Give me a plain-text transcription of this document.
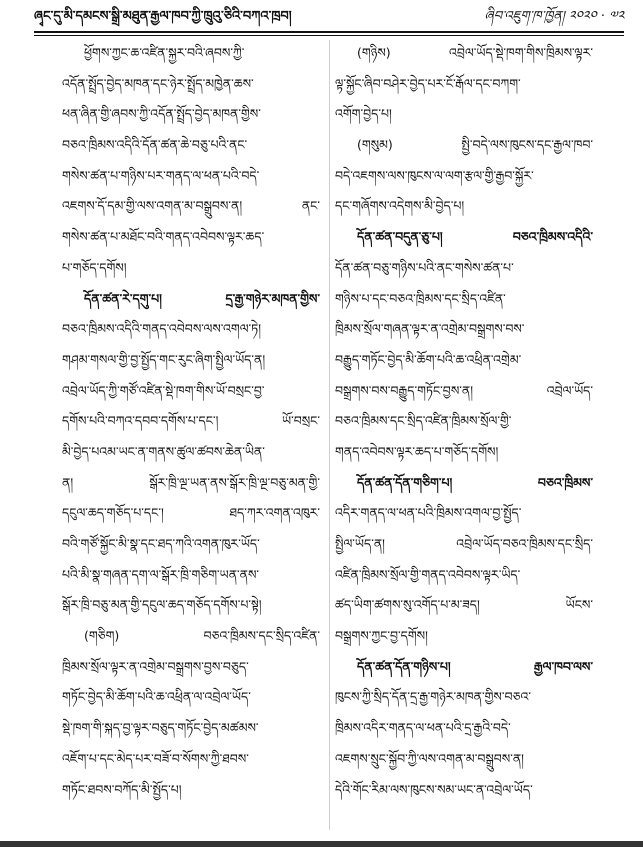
ཞྭང་དུ་མི་དམངས་སྒྲི་མཐུན་རྒྱལ་ཁབ་ཀྱི་ཁྲུའུ་ཅིའི་བཀའ་ཁྲབ།	ཞིབ་འཇུག་ཁ་ཁྱོན། ༢༠༢༠ · ༧༢
ཕྱོགས་ཀྱང་ཆ་འཛིན་སྐྱར་བའི་ཞབས་ཀྱི་
འདོན་སྤྲོད་བྱེད་མཁན་དང་ཉེར་སྤྲོད་མཁྱེན་ཆས་
ཕན་ཞིན་གྱི་ཞབས་ཀྱི་འདོན་སྤྲོད་བྱེད་མཁན་གྱིས་
བཅའ་ཁྲིམས་འདིའི་དོན་ཚན་ཆེ་བཅུ་པའི་ནང་
གསེས་ཚན་པ་གཉིས་པར་གནད་ལ་ཕན་པའི་བདེ་
འཇགས་དོ་དམ་གྱི་ལས་འགན་མ་བསྒྲུབས་ན། ནང་
གསེས་ཚན་པ་མཐོང་བའི་གནད་འབེབས་ལྟར་ཆད་
པ་གཅོད་དགོས།
དོན་ཚན་རེ་དགུ་པ། དྲ་རྒྱ་གཉེར་མཁན་གྱིས་
བཅའ་ཁྲིམས་འདིའི་གནད་འབེབས་ལས་འགལ་ཏེ།
གཤམ་གསལ་གྱི་བྱ་སྤྱོད་གང་རུང་ཞིག་སྤྱིལ་ཡོད་ན།
འབྲེལ་ཡོད་ཀྱི་གཙོ་འཛིན་སྡེ་ཁག་གིས་ཡོ་བསྲང་བྱ་
དགོས་པའི་བཀའ་དབབ་དགོས་པ་དང་། ཡོ་བསྲང་
མི་བྱེད་པའམ་ཡང་ན་གནས་ཚུལ་ཚབས་ཆེན་ཡིན་
ན། སྒོར་ཁྲི་ལྔ་ཡན་ནས་སྒོར་ཁྲི་ལྔ་བཅུ་མན་གྱི་
དངུལ་ཆད་གཅོད་པ་དང་། ཐད་ཀར་འགན་འཁུར་
བའི་གཙོ་སྐྱོང་མི་སྣ་དང་ཐད་ཀའི་འགན་ཁུར་ཡོད་
པའི་མི་སྣ་གཞན་དག་ལ་སྒོར་ཁྲི་གཅིག་ཡན་ནས་
སྒོར་ཁྲི་བཅུ་མན་གྱི་དངུལ་ཆད་གཅོད་དགོས་པ་སྟེ།
(གཅིག) བཅའ་ཁྲིམས་དང་སྲིད་འཛིན་
ཁྲིམས་སྲོལ་ལྟར་ན་འགྲེམ་བསྒྲགས་བྱས་བཅུད་
གཏོང་བྱེད་མི་ཆོག་པའི་ཆ་འཕྲིན་ལ་འབྲེལ་ཡོད་
སྡེ་ཁག་གི་སྐད་བྱ་ལྟར་བཅུད་གཏོང་བྱེད་མཚམས་
འཇོག་པ་དང་མེད་པར་བཟོ་བ་སོགས་ཀྱི་ཐབས་
གཏོང་ཐབས་བཀོད་མི་སྤྱོད་པ།
(གཉིས) འབྲེལ་ཡོད་སྡེ་ཁག་གིས་ཁྲིམས་ལྟར་
ལྟ་སྐྱོང་ཞིབ་བཤེར་བྱེད་པར་ངོ་རྒོལ་དང་བཀག་
འགོག་བྱེད་པ།
(གསུམ) སྤྱི་བདེ་ལས་ཁུངས་དང་རྒྱལ་ཁབ་
བདེ་འཇགས་ལས་ཁུངས་ལ་ལག་རྩལ་གྱི་རྒྱབ་སྐྱོར་
དང་གཞོགས་འདེགས་མི་བྱེད་པ།
དོན་ཚན་བདུན་ཅུ་པ། བཅའ་ཁྲིམས་འདིའི་
དོན་ཚན་བཅུ་གཉིས་པའི་ནང་གསེས་ཚན་པ་
གཉིས་པ་དང་བཅའ་ཁྲིམས་དང་སྲིད་འཛིན་
ཁྲིམས་སྲོལ་གཞན་ལྟར་ན་འགྲེམ་བསྒྲགས་བས་
བརྒྱུད་གཏོང་བྱེད་མི་ཆོག་པའི་ཆ་འཕྲིན་འགྲེམ་
བསྒྲགས་བས་བརྒྱུད་གཏོང་བྱས་ན། འབྲེལ་ཡོད་
བཅའ་ཁྲིམས་དང་སྲིད་འཛིན་ཁྲིམས་སྲོལ་གྱི་
གནད་འབེབས་ལྟར་ཆད་པ་གཅོད་དགོས།
དོན་ཚན་དོན་གཅིག་པ། བཅའ་ཁྲིམས་
འདིར་གནད་ལ་ཕན་པའི་ཁྲིམས་འགལ་བྱ་སྤྱོད་
སྤྱིལ་ཡོད་ན། འབྲེལ་ཡོད་བཅའ་ཁྲིམས་དང་སྲིད་
འཛིན་ཁྲིམས་སྲོལ་གྱི་གནད་འབེབས་ལྟར་ཡིད་
ཚད་ཡིག་ཚགས་སུ་འགོད་པ་མ་ཟད། ཡོངས་
བསྒྲགས་ཀྱང་བྱ་དགོས།
དོན་ཚན་དོན་གཉིས་པ། རྒྱལ་ཁབ་ལས་
ཁུངས་ཀྱི་སྲིད་དོན་དྲ་རྒྱ་གཉེར་མཁན་གྱིས་བཅའ་
ཁྲིམས་འདིར་གནད་ལ་ཕན་པའི་དྲ་རྒྱའི་བདེ་
འཇགས་སྲུང་སྐྱོབ་ཀྱི་ལས་འགན་མ་བསྒྲུབས་ན།
དེའི་གོང་རིམ་ལས་ཁུངས་སམ་ཡང་ན་འབྲེལ་ཡོད་
